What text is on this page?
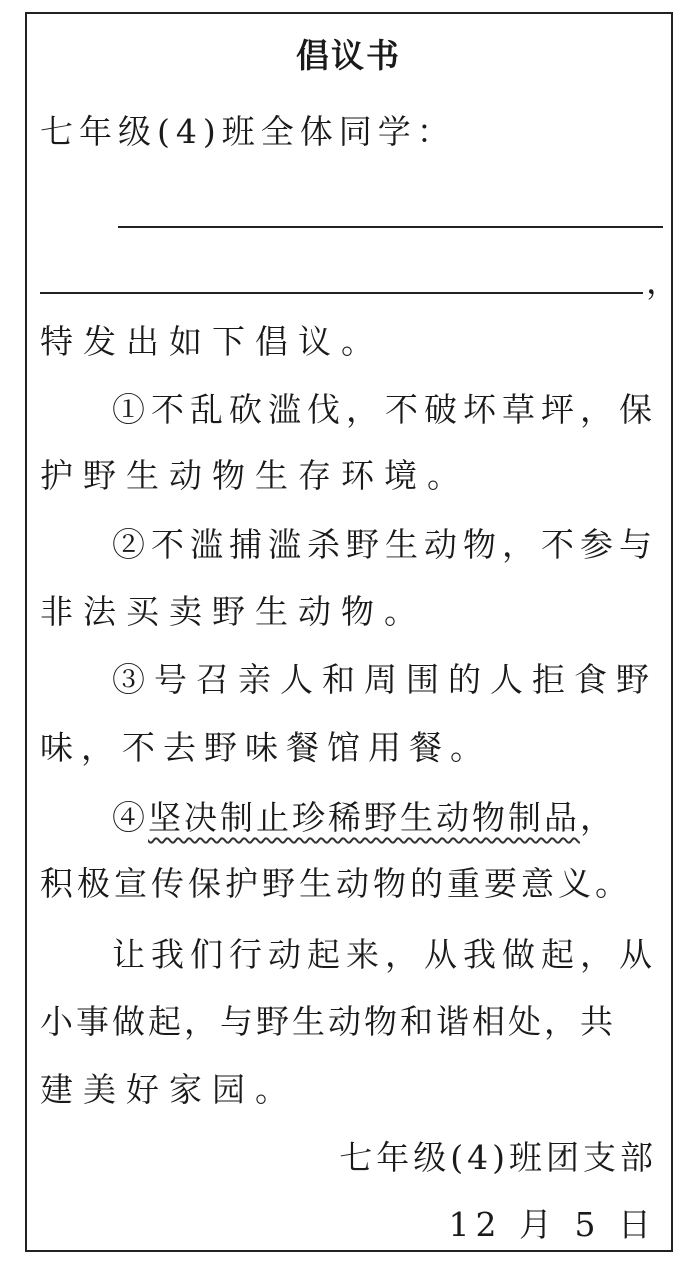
倡议书
七年级(4)班全体同学：
，
特发出如下倡议。
①不乱砍滥伐，不破坏草坪，保
护野生动物生存环境。
②不滥捕滥杀野生动物，不参与
非法买卖野生动物。
③号召亲人和周围的人拒食野
味，不去野味餐馆用餐。
④坚决制止珍稀野生动物制品，
积极宣传保护野生动物的重要意义。
让我们行动起来，从我做起，从
小事做起，与野生动物和谐相处，共
建美好家园。
七年级(4)班团支部
12 月 5 日
